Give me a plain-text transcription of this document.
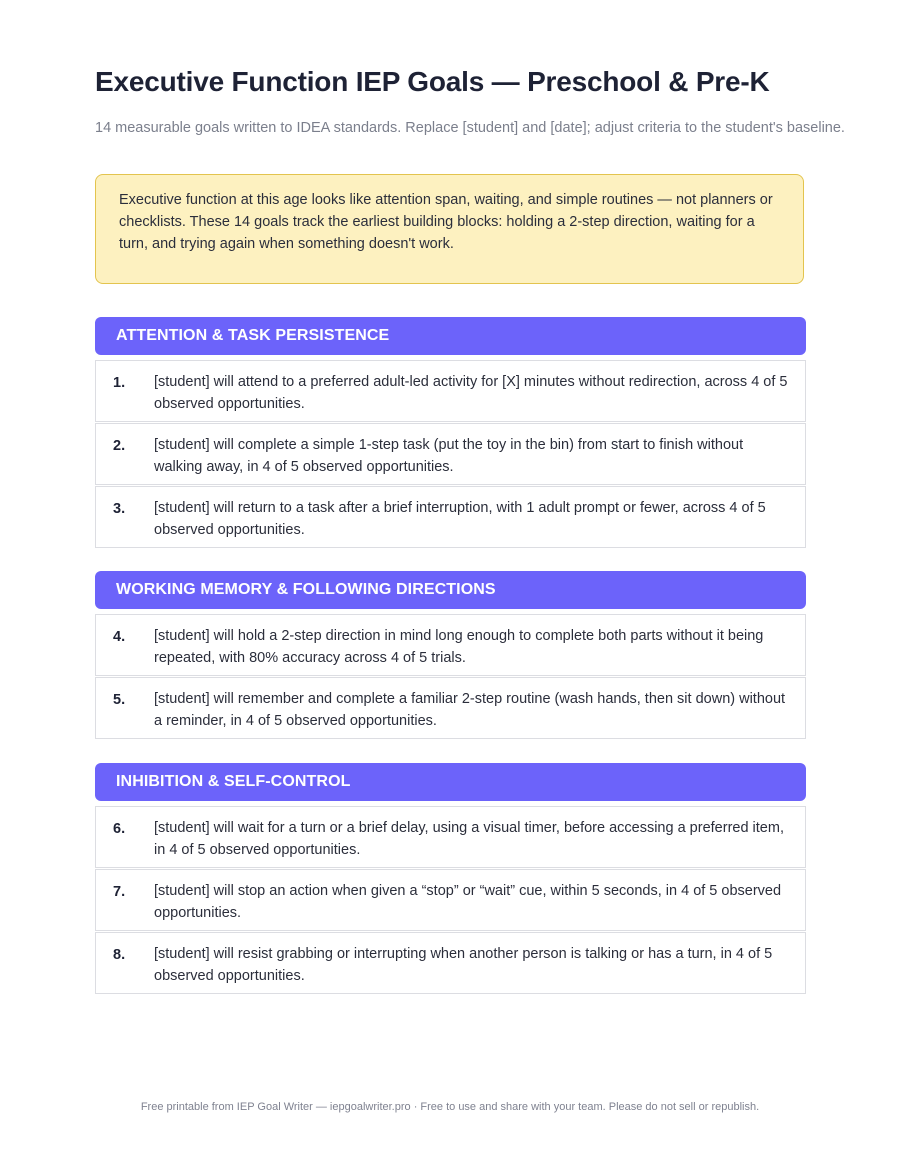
Executive Function IEP Goals — Preschool & Pre-K

14 measurable goals written to IDEA standards. Replace [student] and [date]; adjust criteria to the student's baseline.

Executive function at this age looks like attention span, waiting, and simple routines — not planners or checklists. These 14 goals track the earliest building blocks: holding a 2-step direction, waiting for a turn, and trying again when something doesn't work.
ATTENTION & TASK PERSISTENCE
1. [student] will attend to a preferred adult-led activity for [X] minutes without redirection, across 4 of 5 observed opportunities.
2. [student] will complete a simple 1-step task (put the toy in the bin) from start to finish without walking away, in 4 of 5 observed opportunities.
3. [student] will return to a task after a brief interruption, with 1 adult prompt or fewer, across 4 of 5 observed opportunities.
WORKING MEMORY & FOLLOWING DIRECTIONS
4. [student] will hold a 2-step direction in mind long enough to complete both parts without it being repeated, with 80% accuracy across 4 of 5 trials.
5. [student] will remember and complete a familiar 2-step routine (wash hands, then sit down) without a reminder, in 4 of 5 observed opportunities.
INHIBITION & SELF-CONTROL
6. [student] will wait for a turn or a brief delay, using a visual timer, before accessing a preferred item, in 4 of 5 observed opportunities.
7. [student] will stop an action when given a “stop” or “wait” cue, within 5 seconds, in 4 of 5 observed opportunities.
8. [student] will resist grabbing or interrupting when another person is talking or has a turn, in 4 of 5 observed opportunities.
Free printable from IEP Goal Writer — iepgoalwriter.pro · Free to use and share with your team. Please do not sell or republish.
